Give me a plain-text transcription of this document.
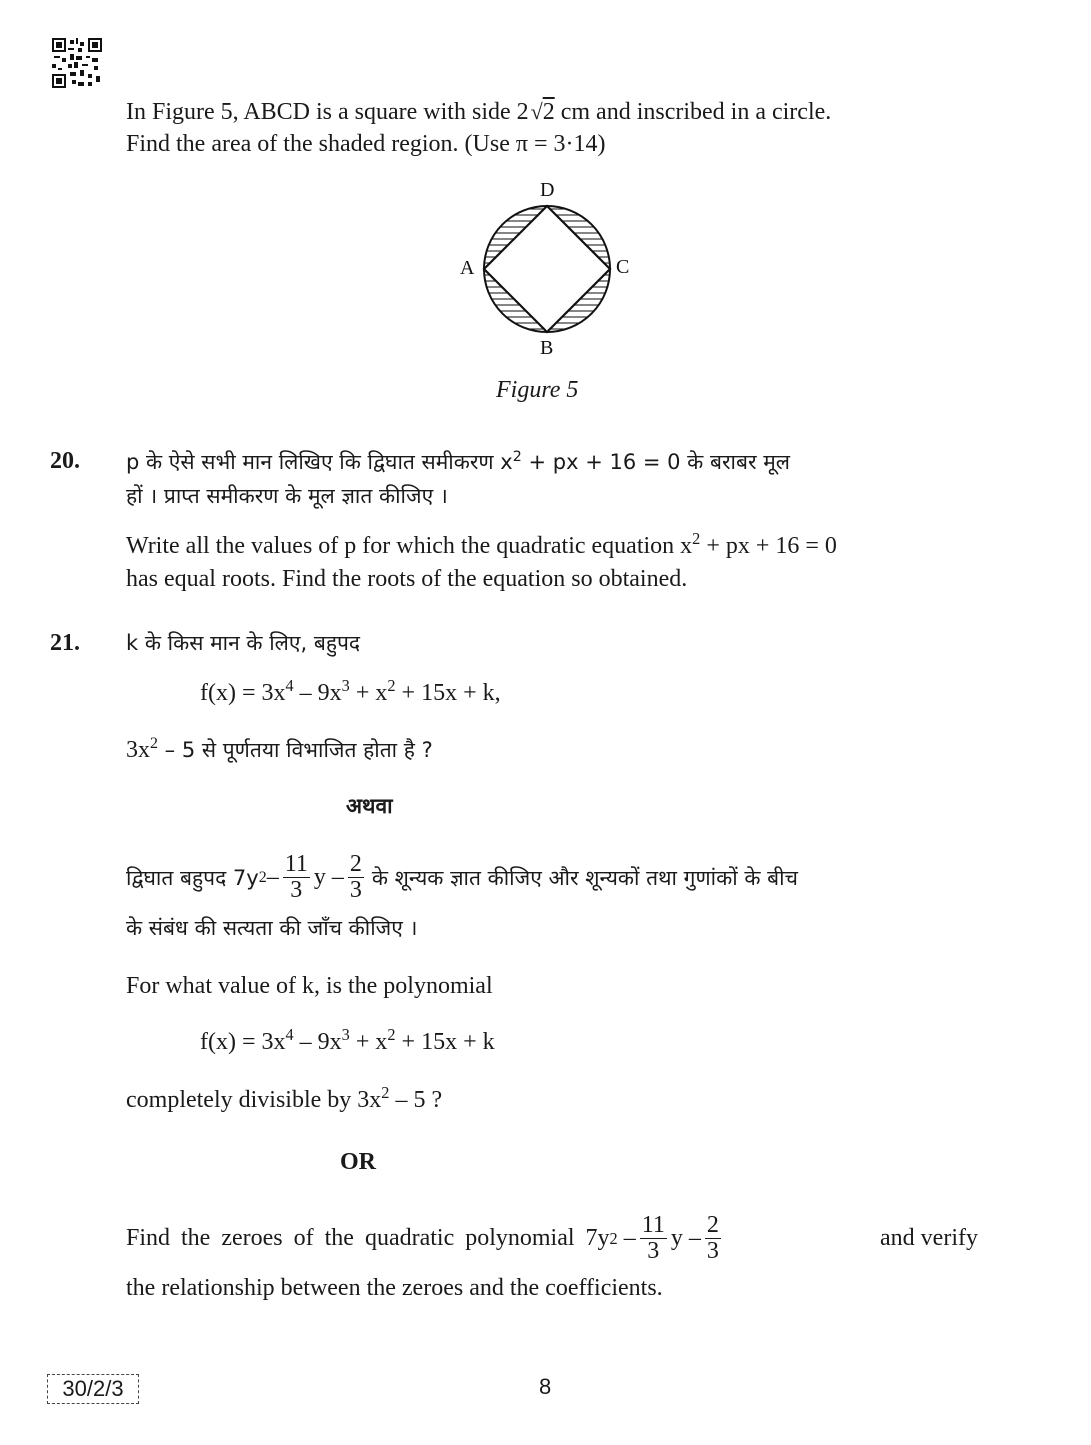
In Figure 5, ABCD is a square with side 2√2 cm and inscribed in a circle.
Find the area of the shaded region. (Use π = 3·14)
D
A	C
B
Figure 5
20. p के ऐसे सभी मान लिखिए कि द्विघात समीकरण $x^2$ + px + 16 = 0 के बराबर मूल
हों । प्राप्त समीकरण के मूल ज्ञात कीजिए ।
Write all the values of p for which the quadratic equation $x^2$ + px + 16 = 0
has equal roots. Find the roots of the equation so obtained.
21. k के किस मान के लिए, बहुपद
$f(x) = 3x^4 - 9x^3 + x^2 + 15x + k$,
$3x^2 - 5$ से पूर्णतया विभाजित होता है ?
अथवा
द्विघात बहुपद 7y $2 - \frac{11}{3}$ y – $\frac{2}{3}$ के शून्यक ज्ञात कीजिए और शून्यकों तथा गुणांकों के बीच
के संबंध की सत्यता की जाँच कीजिए ।
For what value of k, is the polynomial
$f(x) = 3x^4 - 9x^3 + x^2 + 15x + k$
completely divisible by $3x^2 - 5$ ?
OR
Find the zeroes of the quadratic polynomial 7y $2 - \frac{11}{3}$ y – $\frac{2}{3}$	and verify
the relationship between the zeroes and the coefficients.
30/2/3	8
